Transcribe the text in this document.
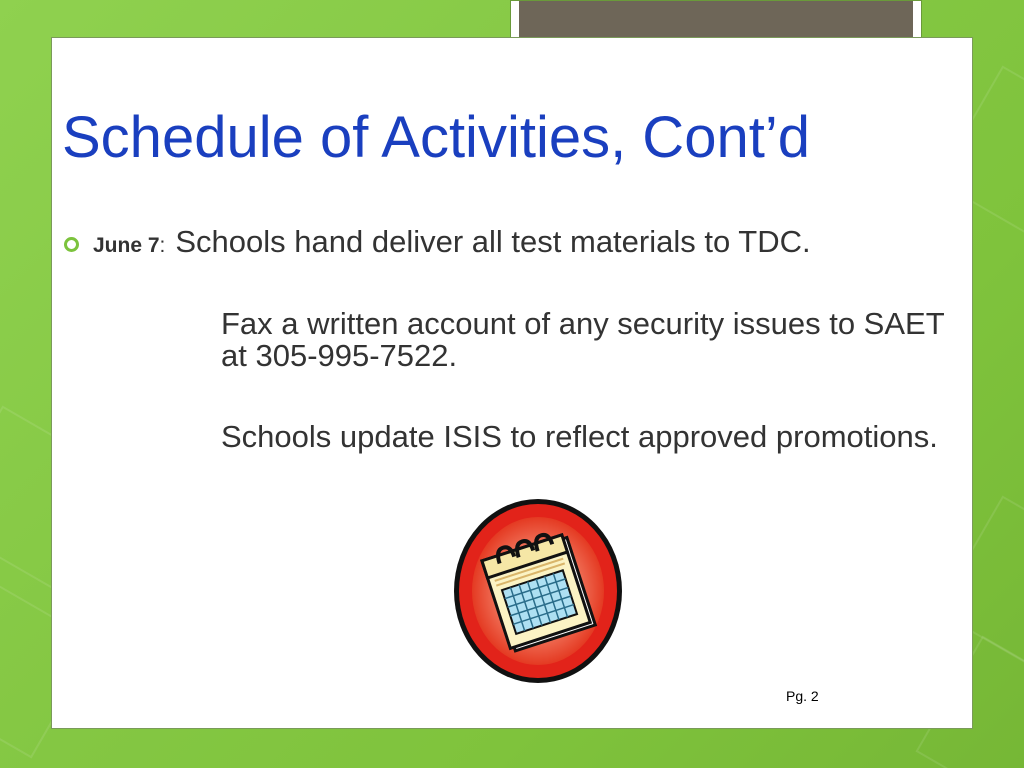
Schedule of Activities, Cont’d
June 7: Schools hand deliver all test materials to TDC.

Fax a written account of any security issues to SAET at 305-995-7522.

Schools update ISIS to reflect approved promotions.

Pg. 2
